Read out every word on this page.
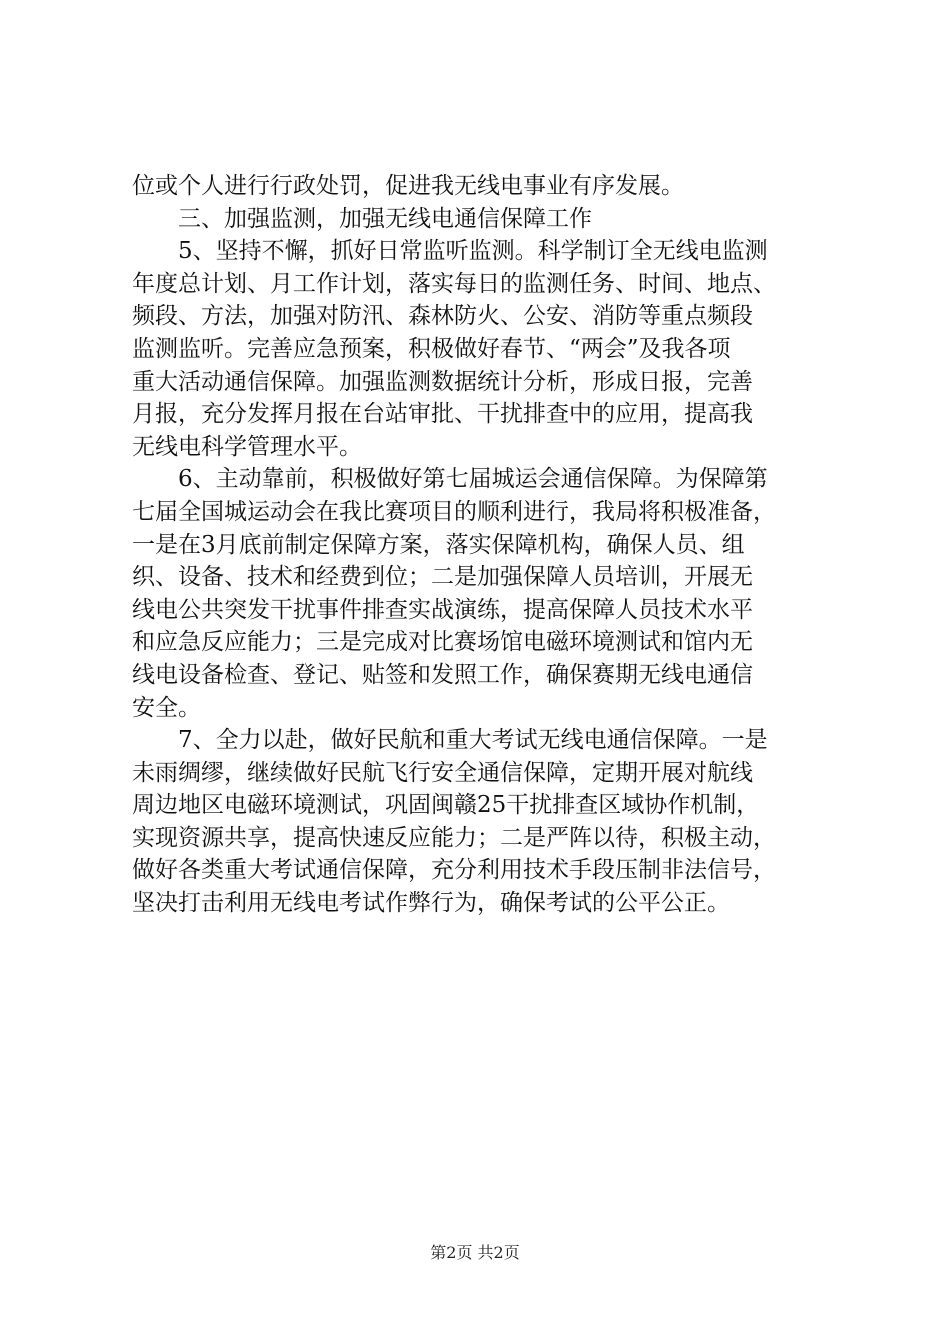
位或个人进行行政处罚，促进我无线电事业有序发展。
三、加强监测，加强无线电通信保障工作
5、坚持不懈，抓好日常监听监测。科学制订全无线电监测
年度总计划、月工作计划，落实每日的监测任务、时间、地点、
频段、方法，加强对防汛、森林防火、公安、消防等重点频段
监测监听。完善应急预案，积极做好春节、“两会”及我各项
重大活动通信保障。加强监测数据统计分析，形成日报，完善
月报，充分发挥月报在台站审批、干扰排查中的应用，提高我
无线电科学管理水平。
6、主动靠前，积极做好第七届城运会通信保障。为保障第
七届全国城运动会在我比赛项目的顺利进行，我局将积极准备，
一是在3月底前制定保障方案，落实保障机构，确保人员、组
织、设备、技术和经费到位；二是加强保障人员培训，开展无
线电公共突发干扰事件排查实战演练，提高保障人员技术水平
和应急反应能力；三是完成对比赛场馆电磁环境测试和馆内无
线电设备检查、登记、贴签和发照工作，确保赛期无线电通信
安全。
7、全力以赴，做好民航和重大考试无线电通信保障。一是
未雨绸缪，继续做好民航飞行安全通信保障，定期开展对航线
周边地区电磁环境测试，巩固闽赣25干扰排查区域协作机制，
实现资源共享，提高快速反应能力；二是严阵以待，积极主动，
做好各类重大考试通信保障，充分利用技术手段压制非法信号，
坚决打击利用无线电考试作弊行为，确保考试的公平公正。
第2页 共2页
